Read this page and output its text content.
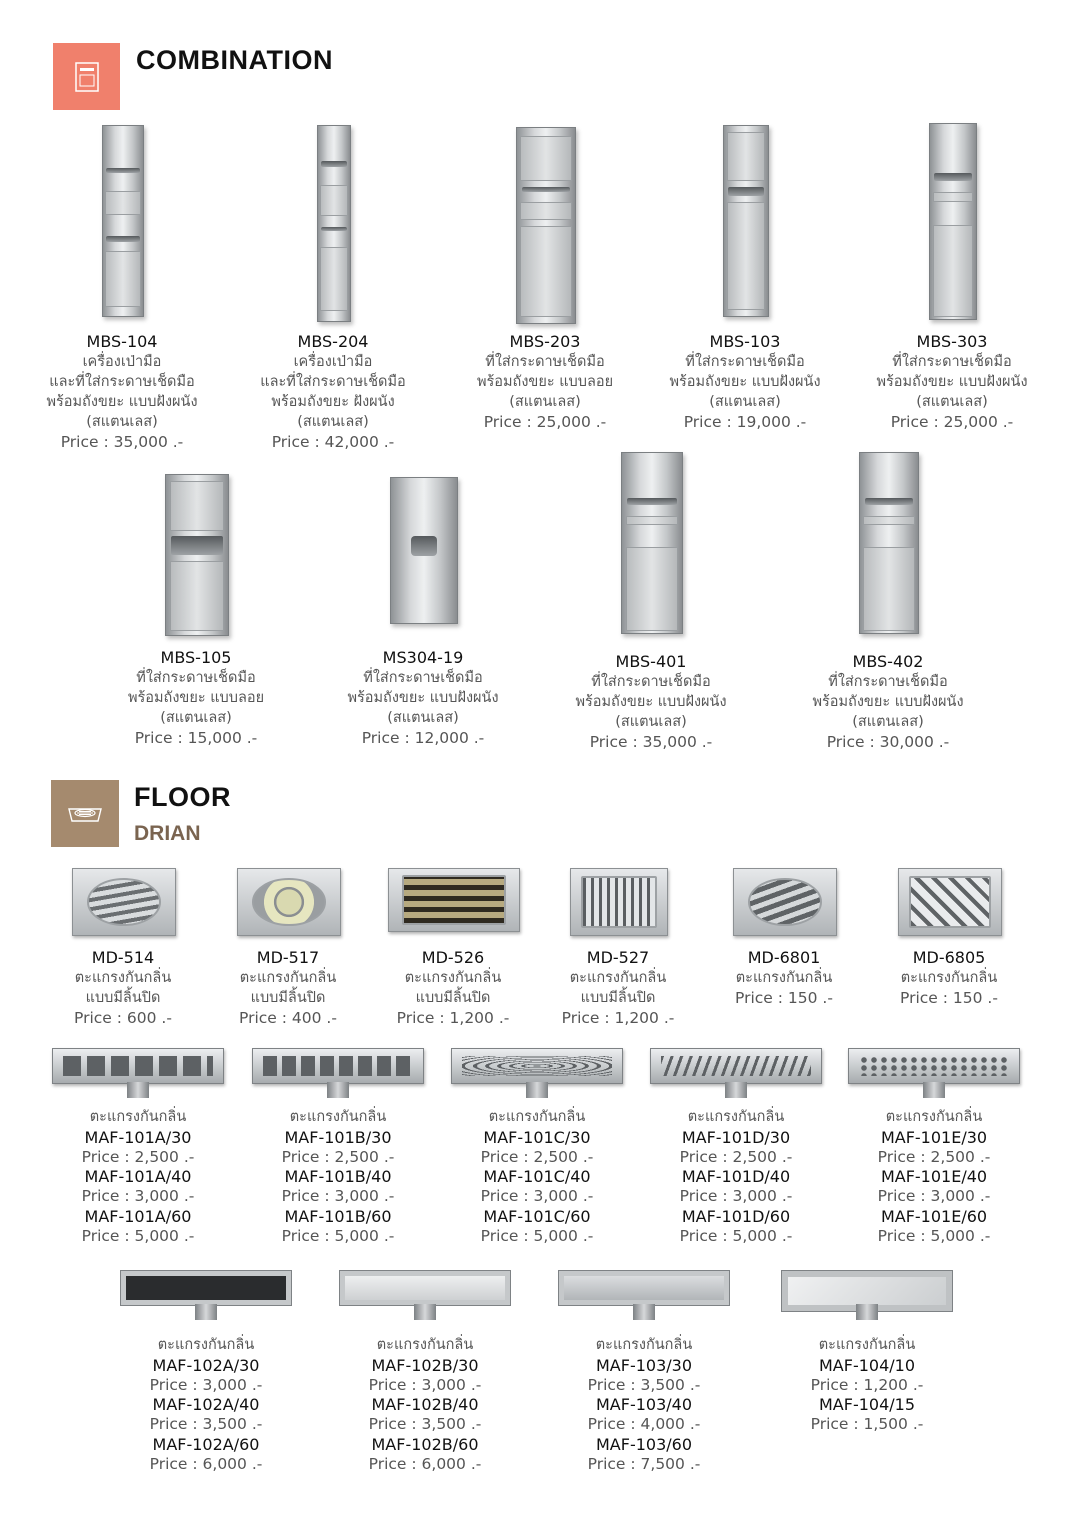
COMBINATION
MBS-104
เครื่องเป่ามือ
และที่ใส่กระดาษเช็ดมือ
พร้อมถังขยะ แบบฝังผนัง
(สแตนเลส)
Price : 35,000 .-
MBS-204
เครื่องเป่ามือ
และที่ใส่กระดาษเช็ดมือ
พร้อมถังขยะ ฝังผนัง
(สแตนเลส)
Price : 42,000 .-
MBS-203
ที่ใส่กระดาษเช็ดมือ
พร้อมถังขยะ แบบลอย
(สแตนเลส)
Price : 25,000 .-
MBS-103
ที่ใส่กระดาษเช็ดมือ
พร้อมถังขยะ แบบฝังผนัง
(สแตนเลส)
Price : 19,000 .-
MBS-303
ที่ใส่กระดาษเช็ดมือ
พร้อมถังขยะ แบบฝังผนัง
(สแตนเลส)
Price : 25,000 .-
MBS-105
ที่ใส่กระดาษเช็ดมือ
พร้อมถังขยะ แบบลอย
(สแตนเลส)
Price : 15,000 .-
MS304-19
ที่ใส่กระดาษเช็ดมือ
พร้อมถังขยะ แบบฝังผนัง
(สแตนเลส)
Price : 12,000 .-
MBS-401
ที่ใส่กระดาษเช็ดมือ
พร้อมถังขยะ แบบฝังผนัง
(สแตนเลส)
Price : 35,000 .-
MBS-402
ที่ใส่กระดาษเช็ดมือ
พร้อมถังขยะ แบบฝังผนัง
(สแตนเลส)
Price : 30,000 .-
FLOOR
DRIAN
MD-514
ตะแกรงกันกลิ่น
แบบมีลิ้นปิด
Price : 600 .-
MD-517
ตะแกรงกันกลิ่น
แบบมีลิ้นปิด
Price : 400 .-
MD-526
ตะแกรงกันกลิ่น
แบบมีลิ้นปิด
Price : 1,200 .-
MD-527
ตะแกรงกันกลิ่น
แบบมีลิ้นปิด
Price : 1,200 .-
MD-6801
ตะแกรงกันกลิ่น
Price : 150 .-
MD-6805
ตะแกรงกันกลิ่น
Price : 150 .-
ตะแกรงกันกลิ่น
MAF-101A/30
Price : 2,500 .-
MAF-101A/40
Price : 3,000 .-
MAF-101A/60
Price : 5,000 .-
ตะแกรงกันกลิ่น
MAF-101B/30
Price : 2,500 .-
MAF-101B/40
Price : 3,000 .-
MAF-101B/60
Price : 5,000 .-
ตะแกรงกันกลิ่น
MAF-101C/30
Price : 2,500 .-
MAF-101C/40
Price : 3,000 .-
MAF-101C/60
Price : 5,000 .-
ตะแกรงกันกลิ่น
MAF-101D/30
Price : 2,500 .-
MAF-101D/40
Price : 3,000 .-
MAF-101D/60
Price : 5,000 .-
ตะแกรงกันกลิ่น
MAF-101E/30
Price : 2,500 .-
MAF-101E/40
Price : 3,000 .-
MAF-101E/60
Price : 5,000 .-
ตะแกรงกันกลิ่น
MAF-102A/30
Price : 3,000 .-
MAF-102A/40
Price : 3,500 .-
MAF-102A/60
Price : 6,000 .-
ตะแกรงกันกลิ่น
MAF-102B/30
Price : 3,000 .-
MAF-102B/40
Price : 3,500 .-
MAF-102B/60
Price : 6,000 .-
ตะแกรงกันกลิ่น
MAF-103/30
Price : 3,500 .-
MAF-103/40
Price : 4,000 .-
MAF-103/60
Price : 7,500 .-
ตะแกรงกันกลิ่น
MAF-104/10
Price : 1,200 .-
MAF-104/15
Price : 1,500 .-
